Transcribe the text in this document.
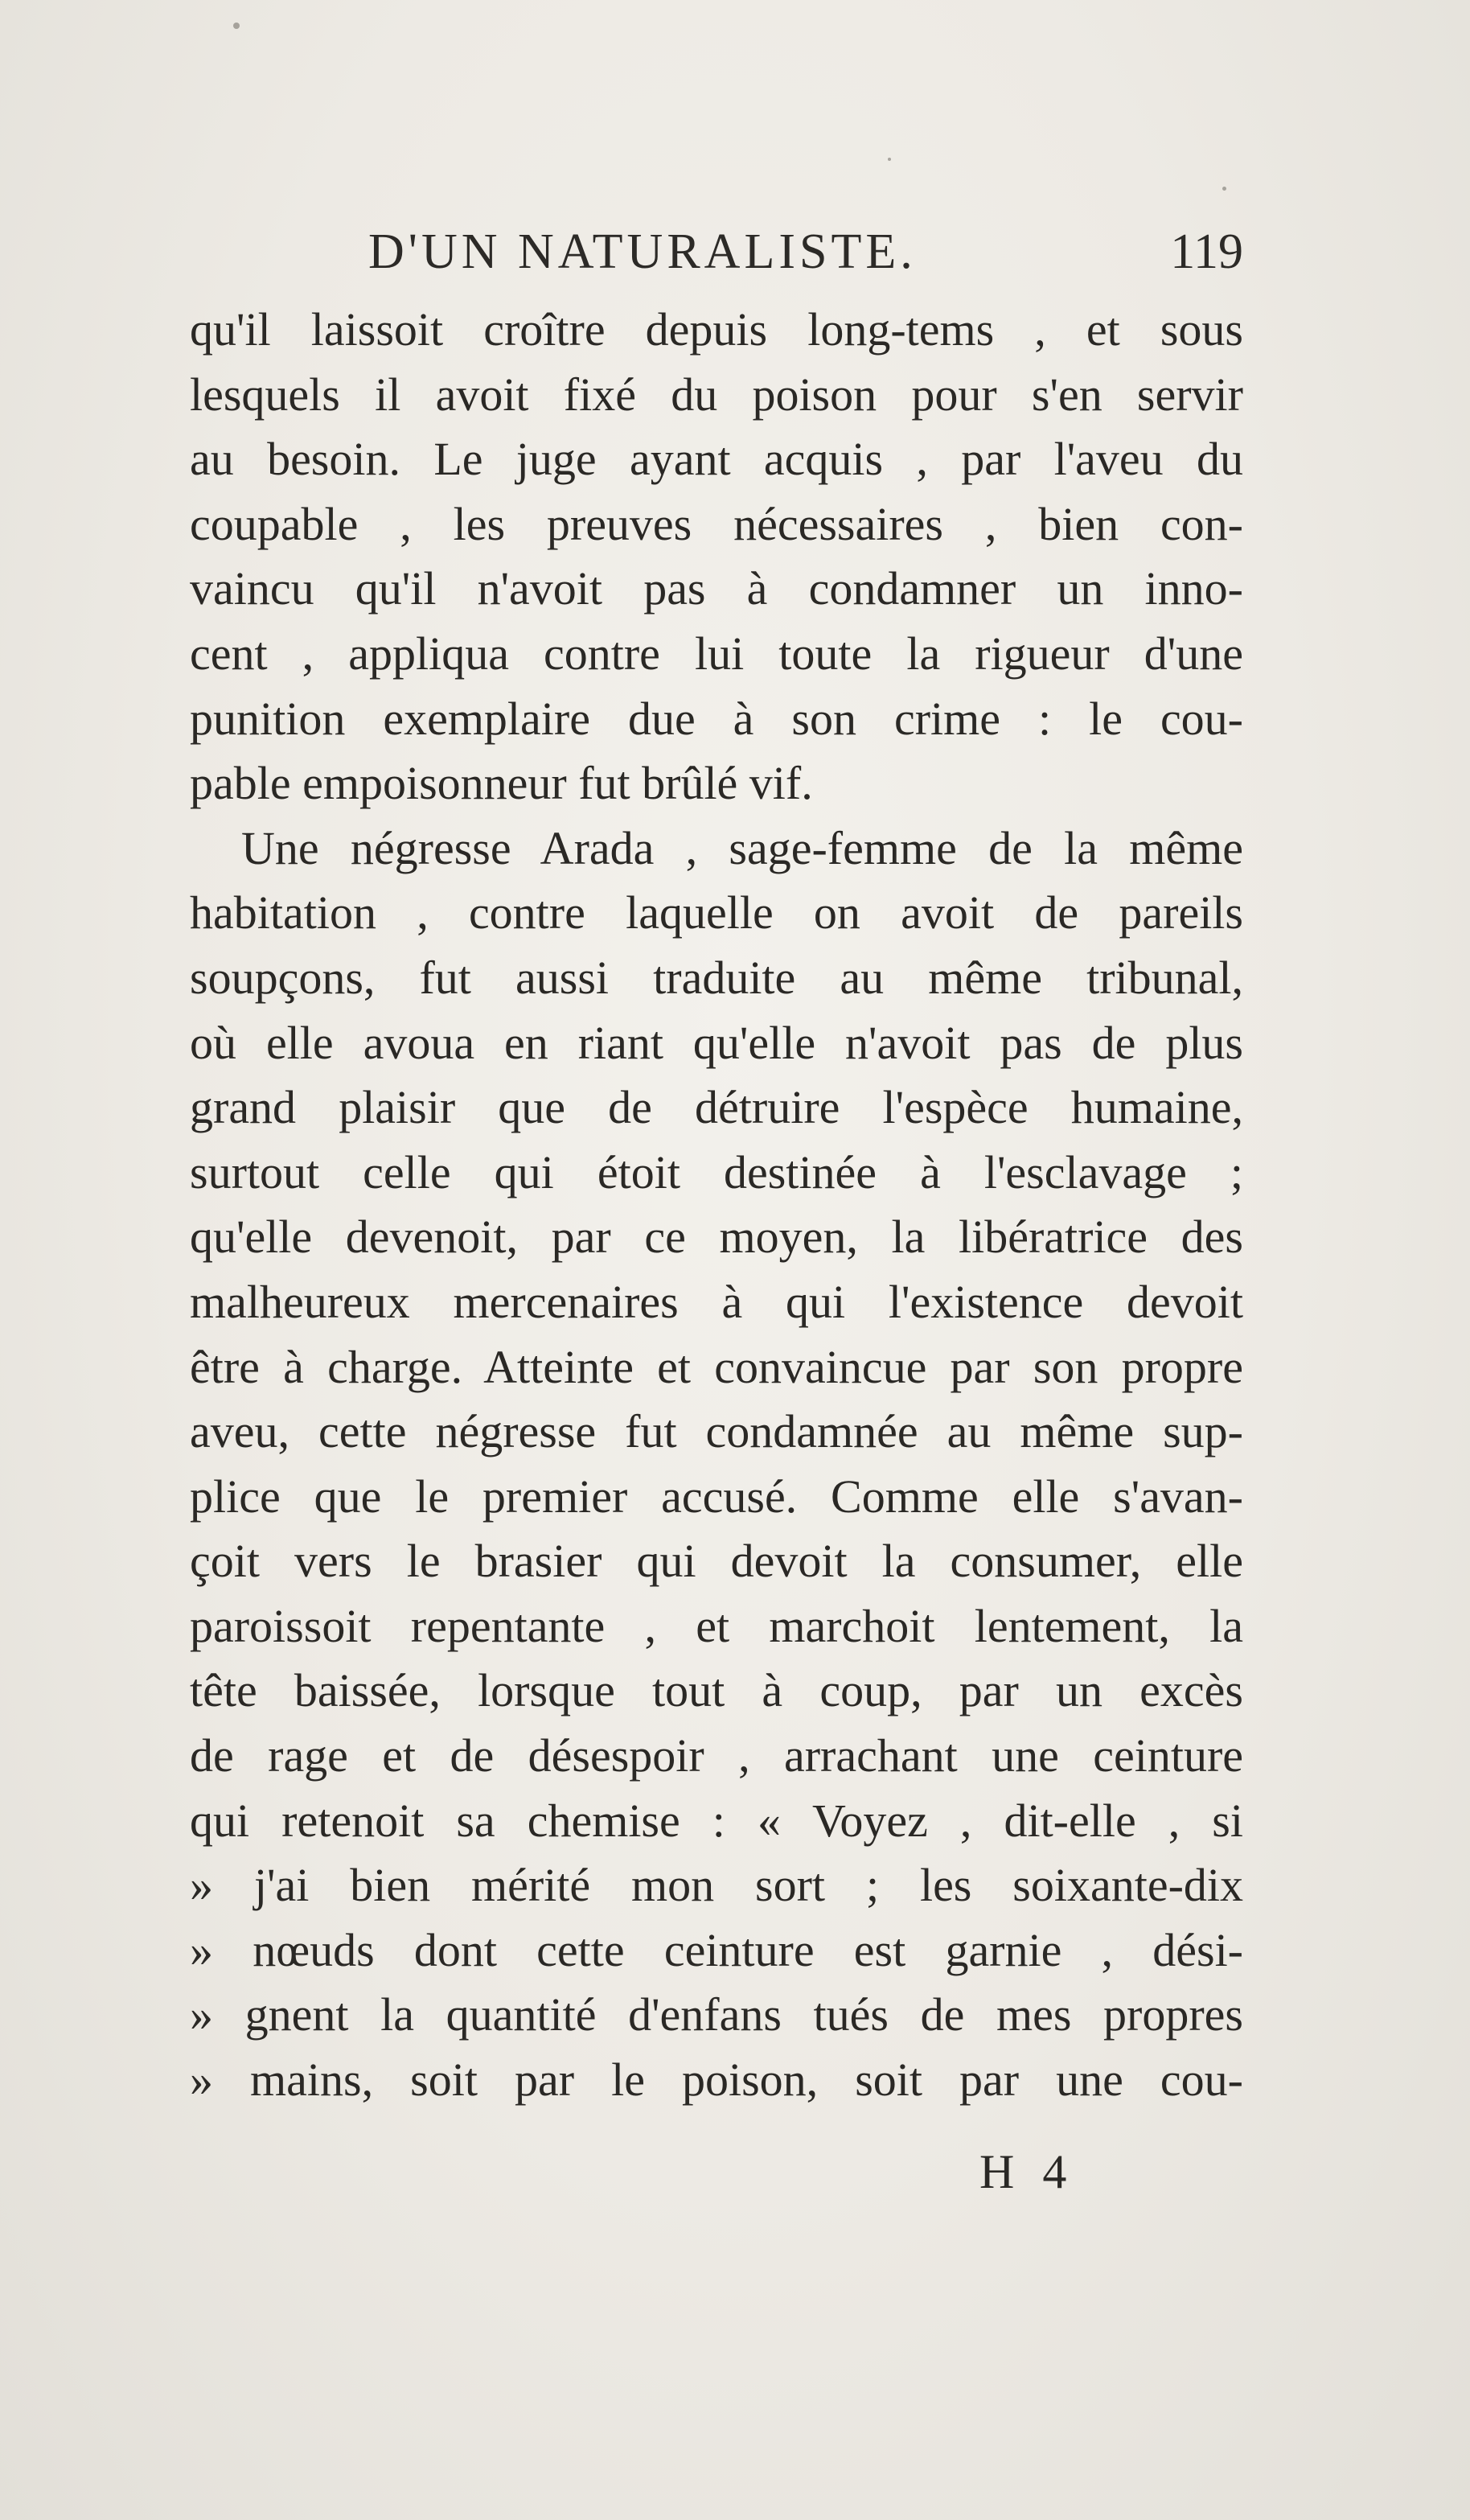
D'UN NATURALISTE.	119
qu'il laissoit croître depuis long-tems , et sous
lesquels il avoit fixé du poison pour s'en servir
au besoin. Le juge ayant acquis , par l'aveu du
coupable , les preuves nécessaires , bien con-
vaincu qu'il n'avoit pas à condamner un inno-
cent , appliqua contre lui toute la rigueur d'une
punition exemplaire due à son crime : le cou-
pable empoisonneur fut brûlé vif.
Une négresse Arada , sage-femme de la même
habitation , contre laquelle on avoit de pareils
soupçons, fut aussi traduite au même tribunal,
où elle avoua en riant qu'elle n'avoit pas de plus
grand plaisir que de détruire l'espèce humaine,
surtout celle qui étoit destinée à l'esclavage ;
qu'elle devenoit, par ce moyen, la libératrice des
malheureux mercenaires à qui l'existence devoit
être à charge. Atteinte et convaincue par son propre
aveu, cette négresse fut condamnée au même sup-
plice que le premier accusé. Comme elle s'avan-
çoit vers le brasier qui devoit la consumer, elle
paroissoit repentante , et marchoit lentement, la
tête baissée, lorsque tout à coup, par un excès
de rage et de désespoir , arrachant une ceinture
qui retenoit sa chemise : « Voyez , dit-elle , si
» j'ai bien mérité mon sort ; les soixante-dix
» nœuds dont cette ceinture est garnie , dési-
» gnent la quantité d'enfans tués de mes propres
» mains, soit par le poison, soit par une cou-
H 4
